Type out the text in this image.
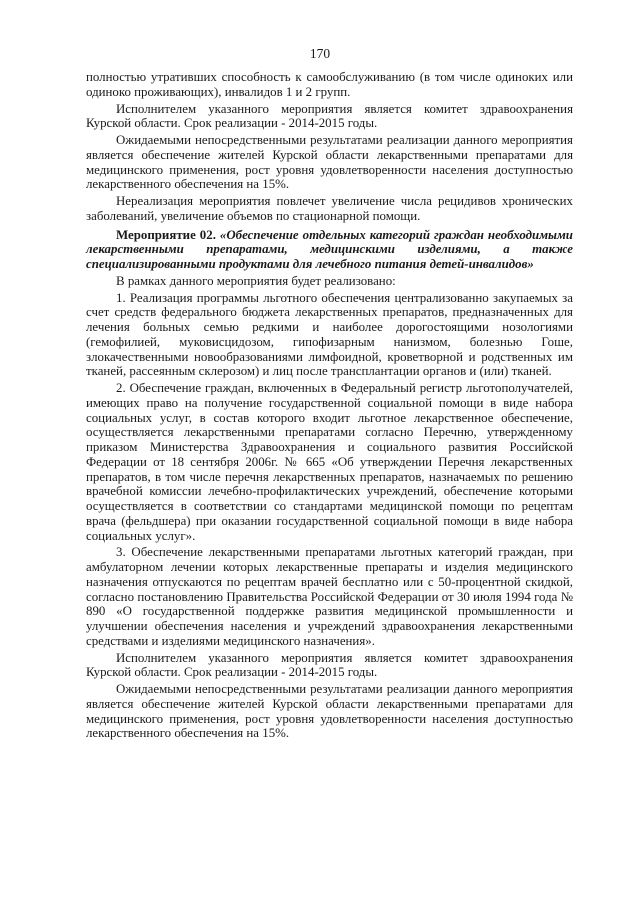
170

полностью утративших способность к самообслуживанию (в том числе одиноких или одиноко проживающих), инвалидов 1 и 2 групп.

Исполнителем указанного мероприятия является комитет здравоохранения Курской области. Срок реализации - 2014-2015 годы.

Ожидаемыми непосредственными результатами реализации данного мероприятия является обеспечение жителей Курской области лекарственными препаратами для медицинского применения, рост уровня удовлетворенности населения доступностью лекарственного обеспечения на 15%.

Нереализация мероприятия повлечет увеличение числа рецидивов хронических заболеваний, увеличение объемов по стационарной помощи.

Мероприятие 02. «Обеспечение отдельных категорий граждан необходимыми лекарственными препаратами, медицинскими изделиями, а также специализированными продуктами для лечебного питания детей-инвалидов»

В рамках данного мероприятия будет реализовано:

1. Реализация программы льготного обеспечения централизованно закупаемых за счет средств федерального бюджета лекарственных препаратов, предназначенных для лечения больных семью редкими и наиболее дорогостоящими нозологиями (гемофилией, муковисцидозом, гипофизарным нанизмом, болезнью Гоше, злокачественными новообразованиями лимфоидной, кроветворной и родственных им тканей, рассеянным склерозом) и лиц после трансплантации органов и (или) тканей.

2. Обеспечение граждан, включенных в Федеральный регистр льготополучателей, имеющих право на получение государственной социальной помощи в виде набора социальных услуг, в состав которого входит льготное лекарственное обеспечение, осуществляется лекарственными препаратами согласно Перечню, утвержденному приказом Министерства Здравоохранения и социального развития Российской Федерации от 18 сентября 2006г. № 665 «Об утверждении Перечня лекарственных препаратов, в том числе перечня лекарственных препаратов, назначаемых по решению врачебной комиссии лечебно-профилактических учреждений, обеспечение которыми осуществляется в соответствии со стандартами медицинской помощи по рецептам врача (фельдшера) при оказании государственной социальной помощи в виде набора социальных услуг».

3. Обеспечение лекарственными препаратами льготных категорий граждан, при амбулаторном лечении которых лекарственные препараты и изделия медицинского назначения отпускаются по рецептам врачей бесплатно или с 50-процентной скидкой, согласно постановлению Правительства Российской Федерации от 30 июля 1994 года № 890 «О государственной поддержке развития медицинской промышленности и улучшении обеспечения населения и учреждений здравоохранения лекарственными средствами и изделиями медицинского назначения».

Исполнителем указанного мероприятия является комитет здравоохранения Курской области. Срок реализации - 2014-2015 годы.

Ожидаемыми непосредственными результатами реализации данного мероприятия является обеспечение жителей Курской области лекарственными препаратами для медицинского применения, рост уровня удовлетворенности населения доступностью лекарственного обеспечения на 15%.
